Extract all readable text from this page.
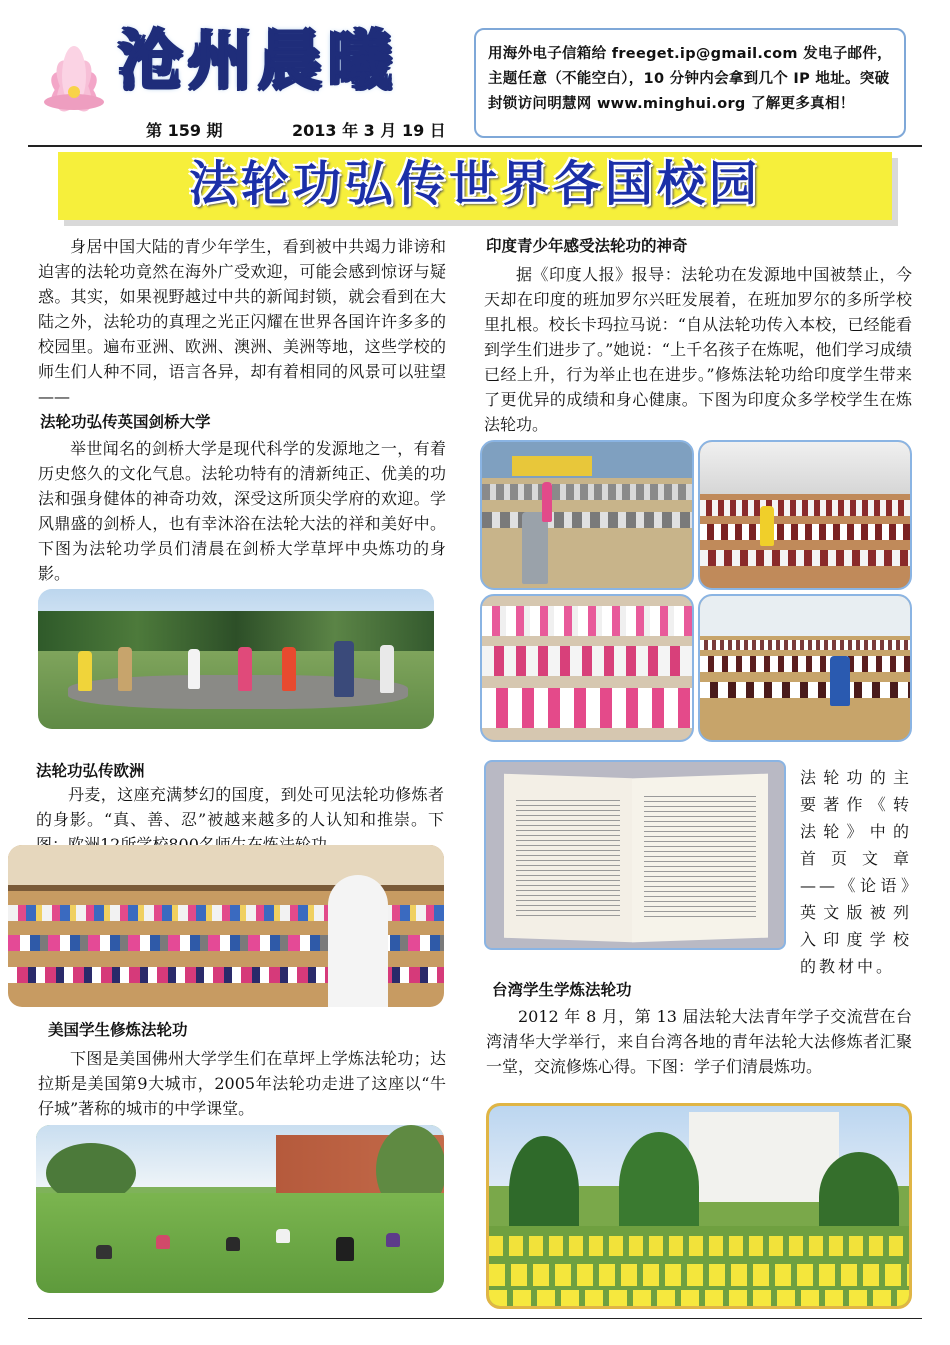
沧州晨曦
第 159 期	2013 年 3 月 19 日
用海外电子信箱给 freeget.ip@gmail.com 发电子邮件，主题任意（不能空白），10 分钟内会拿到几个 IP 地址。突破封锁访问明慧网 www.minghui.org 了解更多真相！
法轮功弘传世界各国校园

身居中国大陆的青少年学生，看到被中共竭力诽谤和迫害的法轮功竟然在海外广受欢迎，可能会感到惊讶与疑惑。其实，如果视野越过中共的新闻封锁，就会看到在大陆之外，法轮功的真理之光正闪耀在世界各国许许多多的校园里。遍布亚洲、欧洲、澳洲、美洲等地，这些学校的师生们人种不同，语言各异，却有着相同的风景可以驻望——

法轮功弘传英国剑桥大学

举世闻名的剑桥大学是现代科学的发源地之一，有着历史悠久的文化气息。法轮功特有的清新纯正、优美的功法和强身健体的神奇功效，深受这所顶尖学府的欢迎。学风鼎盛的剑桥人，也有幸沐浴在法轮大法的祥和美好中。下图为法轮功学员们清晨在剑桥大学草坪中央炼功的身影。

法轮功弘传欧洲

丹麦，这座充满梦幻的国度，到处可见法轮功修炼者的身影。“真、善、忍”被越来越多的人认知和推崇。下

美国学生修炼法轮功

下图是美国佛州大学学生们在草坪上学炼法轮功；达拉斯是美国第9大城市，2005年法轮功走进了这座以“牛仔城”著称的城市的中学课堂。

印度青少年感受法轮功的神奇

据《印度人报》报导：法轮功在发源地中国被禁止，今天却在印度的班加罗尔兴旺发展着，在班加罗尔的多所学校里扎根。校长卡玛拉马说：“自从法轮功传入本校，已经能看到学生们进步了。”她说：“上千名孩子在炼呢，他们学习成绩已经上升，行为举止也在进步。”修炼法轮功给印度学生带来了更优异的成绩和身心健康。下图为印度众多学校学生在炼法轮功。

法轮功的主要著作《转法轮》中的首页文章——《论语》英文版被列入印度学校的教材中。
台湾学生学炼法轮功

2012 年 8 月，第 13 届法轮大法青年学子交流营在台湾清华大学举行，来自台湾各地的青年法轮大法修炼者汇聚一堂，交流修炼心得。下图：学子们清晨炼功。
